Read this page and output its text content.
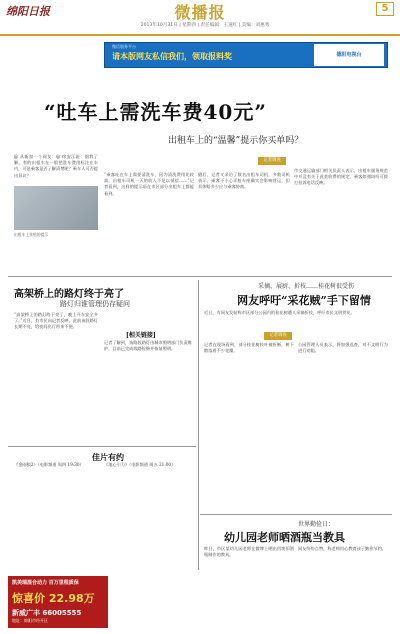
绵阳日报	微播报	5
2013年10月31日 | 星期四 | 责任编辑：王速红 | 美编：刘惠秀
微信服务平台
请本版网友私信我们，领取报料奖	德阳电视台
“吐车上需洗车费40元”
出租车上的“温馨”提示你买单吗？
记者调查
@ 从新加一个网友：@ 徐安江说：据我了解，有的出租车在一般把洗车费用标注在车内，可是乘客是否了解清楚呢？乘车人可否提出异议？
出租车上张贴的提示
“乘客吐在车上需要清洗车，因为清洗费用比较高，出租车司机一天的收入不足以抵偿……”记者看到，这样的提示语在市区部分出租车上都能看到。
随后，记者又采访了数名出租车司机，多数司机表示，乘客不小心弄脏车座确实会影响营运，但具体赔多少应与乘客协商。
市交通运输部门相关负责人表示，出租车服务规范中并没有关于此类收费的规定，乘客如遇纠纷可拨打投诉电话反映。
高架桥上的路灯终于亮了
路灯归谁管理仍存疑问
“高架桥上的路灯终于亮了，晚上开车安全多了。”近日，有市民向记者反映，此前该段路灯长期不亮，给夜间出行带来不便。
[相关链接]
记者了解到，该路段路灯由城市照明部门负责维护，目前已完成线路检修并恢复照明。
佳片有约
《金刚狼2》（电影频道 周四 19:30）	《地心引力》（电影频道 周五 21:00）
采摘、展厨、折枝……桂花树很受伤
网友呼吁“采花贼”手下留情
近日，有网友发帖称市区部分公园内的桂花树遭人采摘折枝，呼吁市民文明赏花。
记者调查
记者在现场看到，部分桂花树枝叶被折断，树下散落着不少花瓣。
公园管理人员表示，将加强巡查，对不文明行为进行劝阻。
世界勤俭日：
幼儿园老师晒酒瓶当教具
昨日，市区某幼儿园老师在微博上晒出用废旧酒瓶制作的教具。
网友纷纷点赞，称老师用心教育孩子勤俭节约。
凯美瑞混合动力 百万里程质保
惊喜价 22.98万
新威广丰 66005555
地址：绵阳市经开区
